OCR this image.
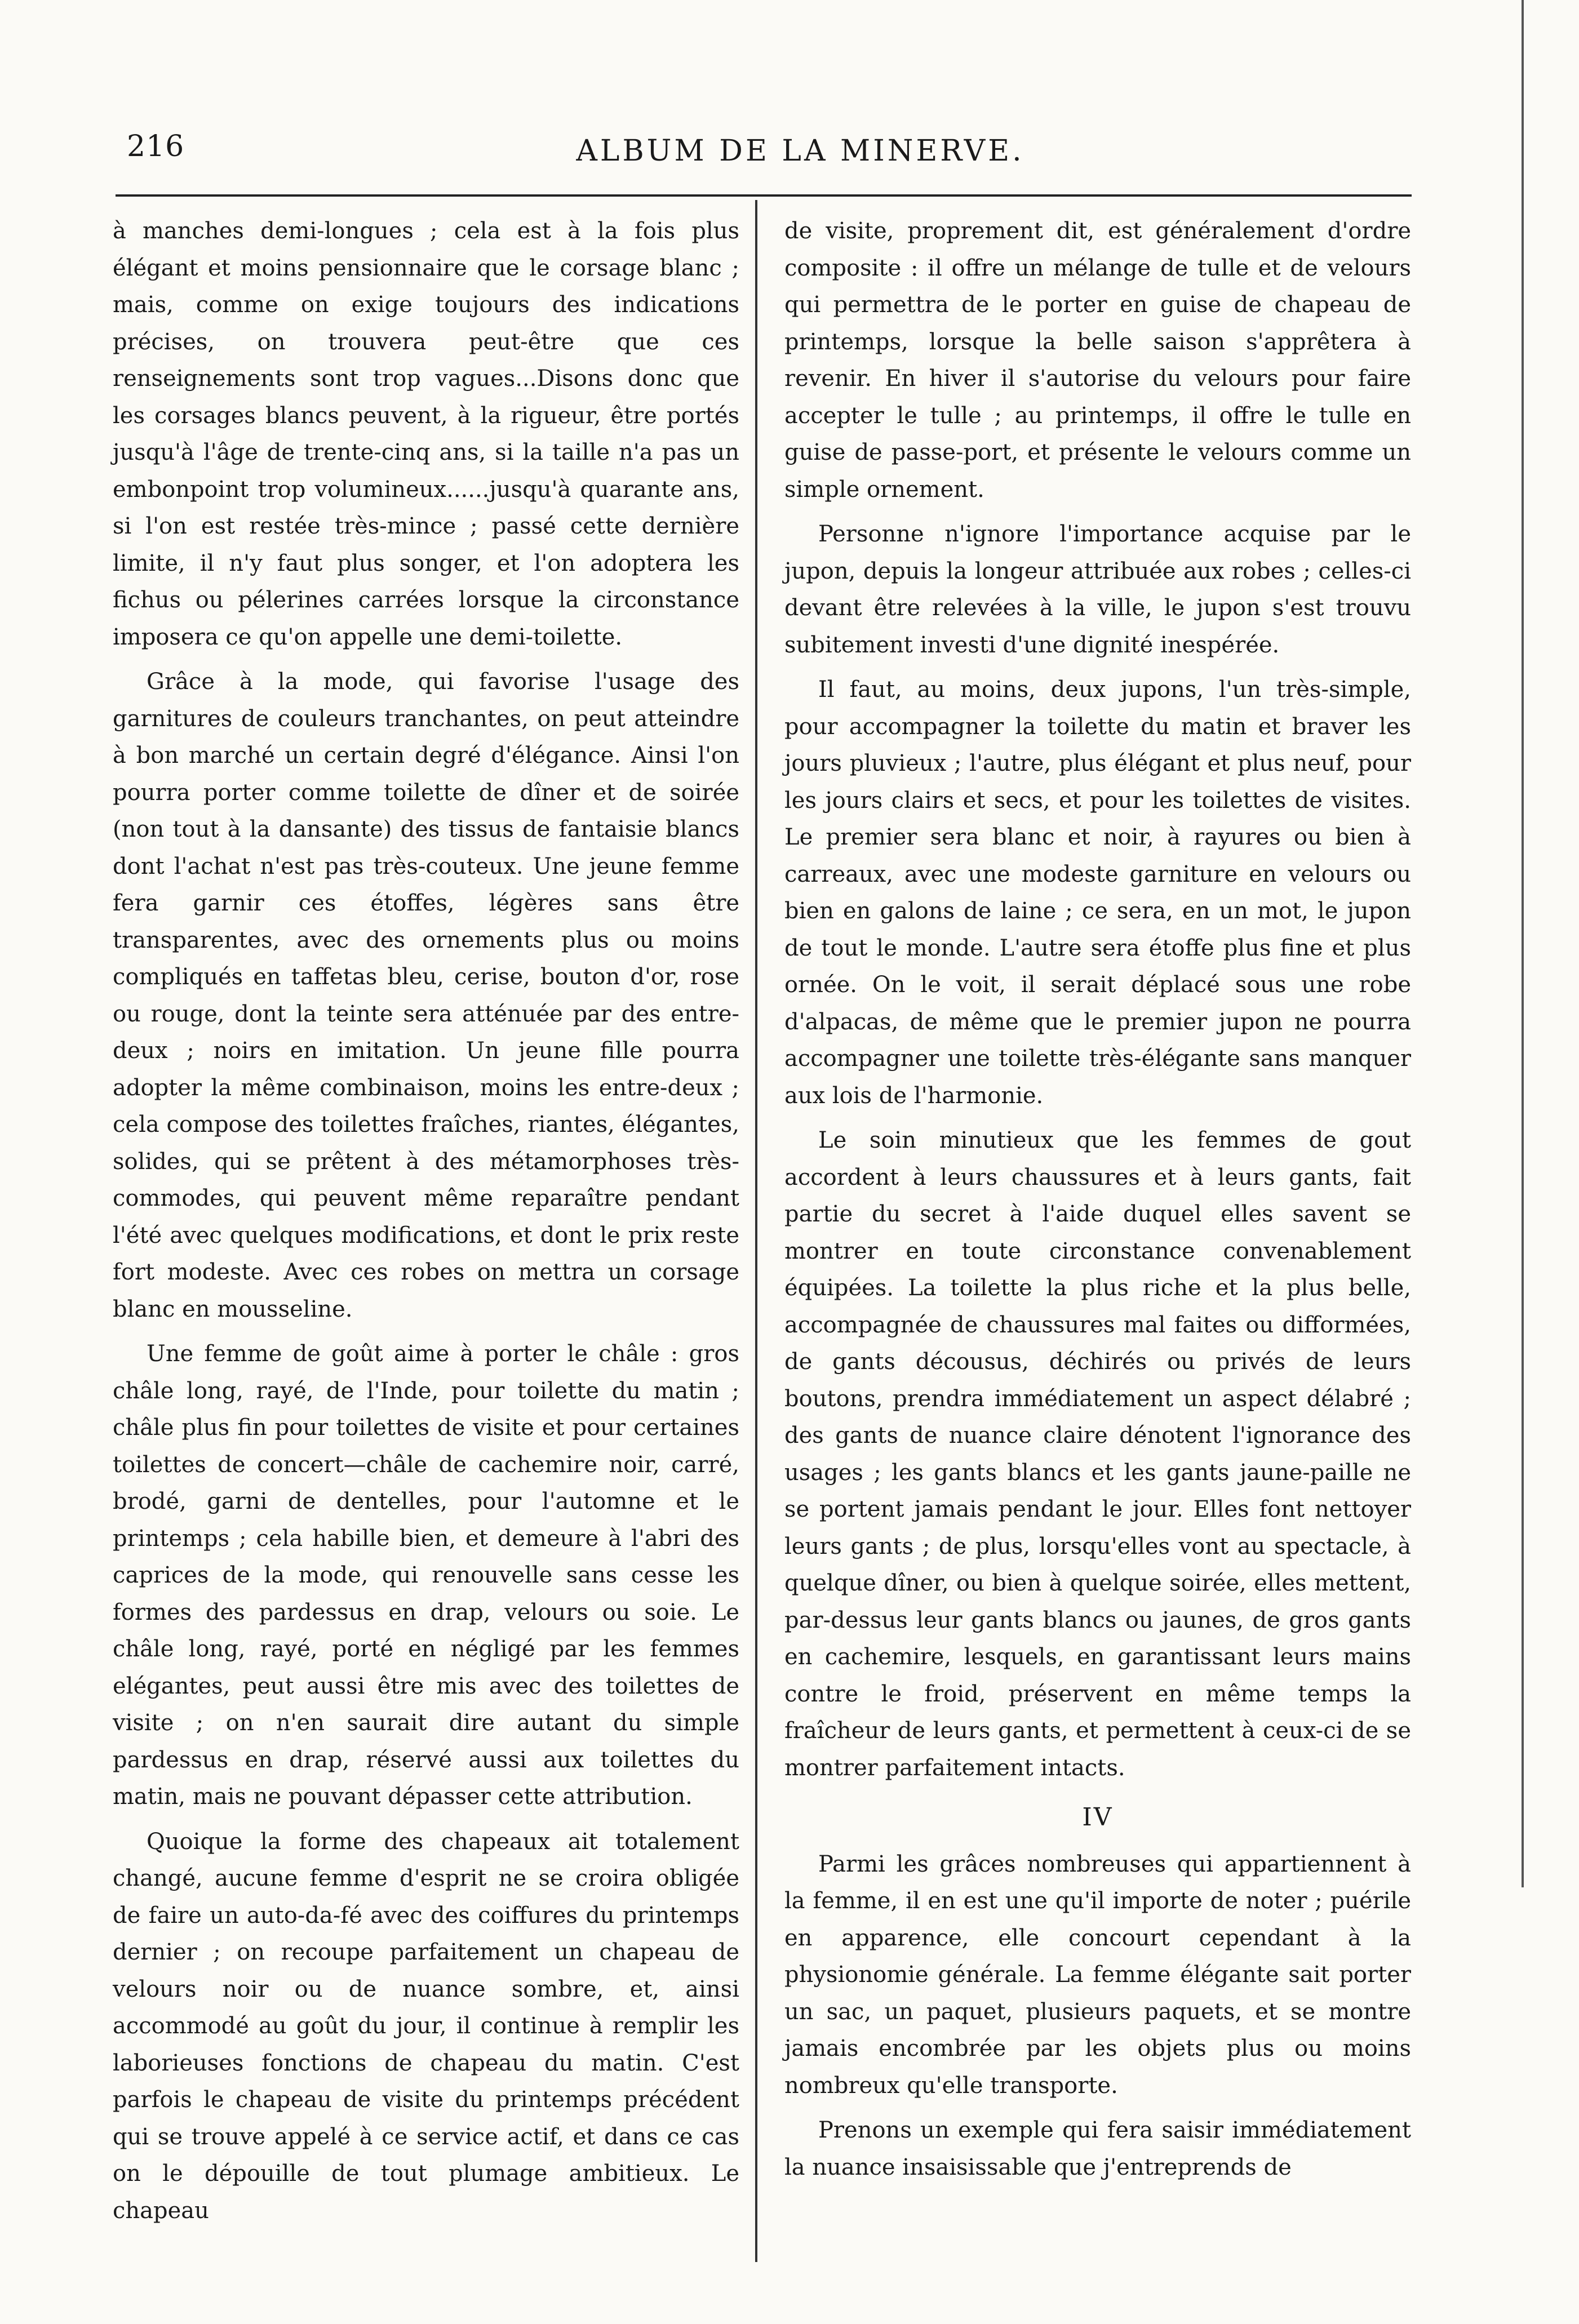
216	ALBUM DE LA MINERVE.

à manches demi-longues ; cela est à la fois plus élégant et moins pensionnaire que le corsage blanc ; mais, comme on exige toujours des indications précises, on trouvera peut-être que ces renseignements sont trop vagues...Disons donc que les corsages blancs peuvent, à la rigueur, être portés jusqu'à l'âge de trente-cinq ans, si la taille n'a pas un embonpoint trop volumineux......jusqu'à quarante ans, si l'on est restée très-mince ; passé cette dernière limite, il n'y faut plus songer, et l'on adoptera les fichus ou pélerines carrées lorsque la circonstance imposera ce qu'on appelle une demi-toilette.

Grâce à la mode, qui favorise l'usage des garnitures de couleurs tranchantes, on peut atteindre à bon marché un certain degré d'élégance. Ainsi l'on pourra porter comme toilette de dîner et de soirée (non tout à la dansante) des tissus de fantaisie blancs dont l'achat n'est pas très-couteux. Une jeune femme fera garnir ces étoffes, légères sans être transparentes, avec des ornements plus ou moins compliqués en taffetas bleu, cerise, bouton d'or, rose ou rouge, dont la teinte sera atténuée par des entre-deux ; noirs en imitation. Un jeune fille pourra adopter la même combinaison, moins les entre-deux ; cela compose des toilettes fraîches, riantes, élégantes, solides, qui se prêtent à des métamorphoses très-commodes, qui peuvent même reparaître pendant l'été avec quelques modifications, et dont le prix reste fort modeste. Avec ces robes on mettra un corsage blanc en mousseline.

Une femme de goût aime à porter le châle : gros châle long, rayé, de l'Inde, pour toilette du matin ; châle plus fin pour toilettes de visite et pour certaines toilettes de concert—châle de cachemire noir, carré, brodé, garni de dentelles, pour l'automne et le printemps ; cela habille bien, et demeure à l'abri des caprices de la mode, qui renouvelle sans cesse les formes des pardessus en drap, velours ou soie. Le châle long, rayé, porté en négligé par les femmes elégantes, peut aussi être mis avec des toilettes de visite ; on n'en saurait dire autant du simple pardessus en drap, réservé aussi aux toilettes du matin, mais ne pouvant dépasser cette attribution.

Quoique la forme des chapeaux ait totalement changé, aucune femme d'esprit ne se croira obligée de faire un auto-da-fé avec des coiffures du printemps dernier ; on recoupe parfaitement un chapeau de velours noir ou de nuance sombre, et, ainsi accommodé au goût du jour, il continue à remplir les laborieuses fonctions de chapeau du matin. C'est parfois le chapeau de visite du printemps précédent qui se trouve appelé à ce service actif, et dans ce cas on le dépouille de tout plumage ambitieux. Le chapeau

de visite, proprement dit, est généralement d'ordre composite : il offre un mélange de tulle et de velours qui permettra de le porter en guise de chapeau de printemps, lorsque la belle saison s'apprêtera à revenir. En hiver il s'autorise du velours pour faire accepter le tulle ; au printemps, il offre le tulle en guise de passe-port, et présente le velours comme un simple ornement.

Personne n'ignore l'importance acquise par le jupon, depuis la longeur attribuée aux robes ; celles-ci devant être relevées à la ville, le jupon s'est trouvu subitement investi d'une dignité inespérée.

Il faut, au moins, deux jupons, l'un très-simple, pour accompagner la toilette du matin et braver les jours pluvieux ; l'autre, plus élégant et plus neuf, pour les jours clairs et secs, et pour les toilettes de visites. Le premier sera blanc et noir, à rayures ou bien à carreaux, avec une modeste garniture en velours ou bien en galons de laine ; ce sera, en un mot, le jupon de tout le monde. L'autre sera étoffe plus fine et plus ornée. On le voit, il serait déplacé sous une robe d'alpacas, de même que le premier jupon ne pourra accompagner une toilette très-élégante sans manquer aux lois de l'harmonie.

Le soin minutieux que les femmes de gout accordent à leurs chaussures et à leurs gants, fait partie du secret à l'aide duquel elles savent se montrer en toute circonstance convenablement équipées. La toilette la plus riche et la plus belle, accompagnée de chaussures mal faites ou difformées, de gants décousus, déchirés ou privés de leurs boutons, prendra immédiatement un aspect délabré ; des gants de nuance claire dénotent l'ignorance des usages ; les gants blancs et les gants jaune-paille ne se portent jamais pendant le jour. Elles font nettoyer leurs gants ; de plus, lorsqu'elles vont au spectacle, à quelque dîner, ou bien à quelque soirée, elles mettent, par-dessus leur gants blancs ou jaunes, de gros gants en cachemire, lesquels, en garantissant leurs mains contre le froid, préservent en même temps la fraîcheur de leurs gants, et permettent à ceux-ci de se montrer parfaitement intacts.

IV

Parmi les grâces nombreuses qui appartiennent à la femme, il en est une qu'il importe de noter ; puérile en apparence, elle concourt cependant à la physionomie générale. La femme élégante sait porter un sac, un paquet, plusieurs paquets, et se montre jamais encombrée par les objets plus ou moins nombreux qu'elle transporte.

Prenons un exemple qui fera saisir immédiatement la nuance insaisissable que j'entreprends de
